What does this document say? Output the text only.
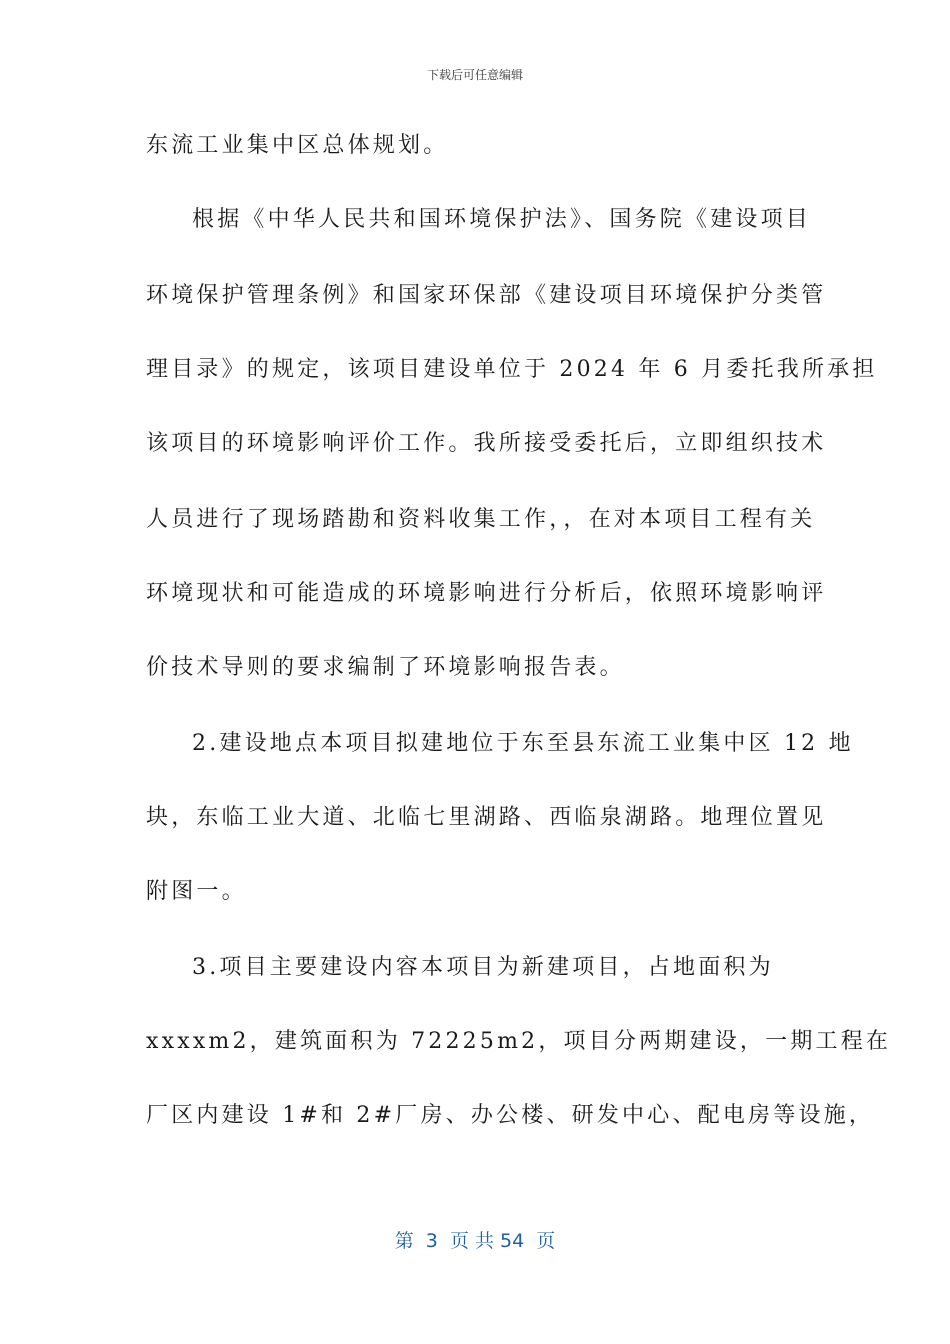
下载后可任意编辑
东流工业集中区总体规划。
根据《中华人民共和国环境保护法》、国务院《建设项目
环境保护管理条例》和国家环保部《建设项目环境保护分类管
理目录》的规定，该项目建设单位于 2024 年 6 月委托我所承担
该项目的环境影响评价工作。我所接受委托后，立即组织技术
人员进行了现场踏勘和资料收集工作，，在对本项目工程有关
环境现状和可能造成的环境影响进行分析后，依照环境影响评
价技术导则的要求编制了环境影响报告表。
2.建设地点本项目拟建地位于东至县东流工业集中区 12 地
块，东临工业大道、北临七里湖路、西临泉湖路。地理位置见
附图一。
3.项目主要建设内容本项目为新建项目，占地面积为
xxxxm2，建筑面积为 72225m2，项目分两期建设，一期工程在
厂区内建设 1#和 2#厂房、办公楼、研发中心、配电房等设施，
第  3  页 共 54  页
